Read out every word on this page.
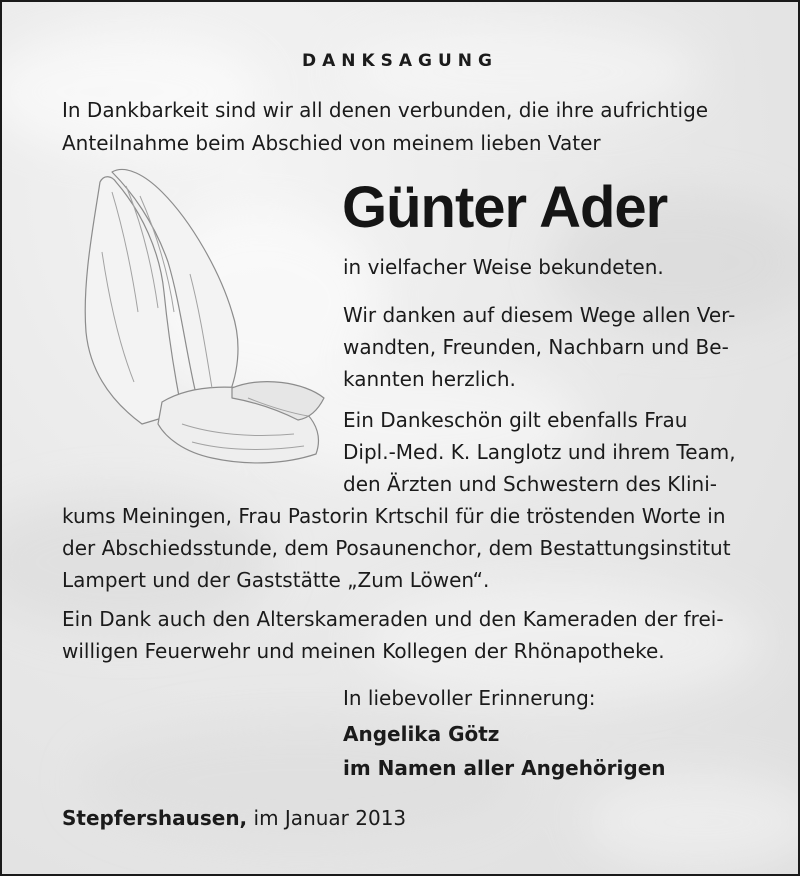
DANKSAGUNG

In Dankbarkeit sind wir all denen verbunden, die ihre aufrichtige

Anteilnahme beim Abschied von meinem lieben Vater

Günter Ader

in vielfacher Weise bekundeten.

Wir danken auf diesem Wege allen Ver-

wandten, Freunden, Nachbarn und Be-

kannten herzlich.

Ein Dankeschön gilt ebenfalls Frau

Dipl.-Med. K. Langlotz und ihrem Team,

den Ärzten und Schwestern des Klini-

kums Meiningen, Frau Pastorin Krtschil für die tröstenden Worte in

der Abschiedsstunde, dem Posaunenchor, dem Bestattungsinstitut

Lampert und der Gaststätte „Zum Löwen“.

Ein Dank auch den Alterskameraden und den Kameraden der frei-

willigen Feuerwehr und meinen Kollegen der Rhönapotheke.

In liebevoller Erinnerung:

Angelika Götz

im Namen aller Angehörigen

Stepfershausen, im Januar 2013
